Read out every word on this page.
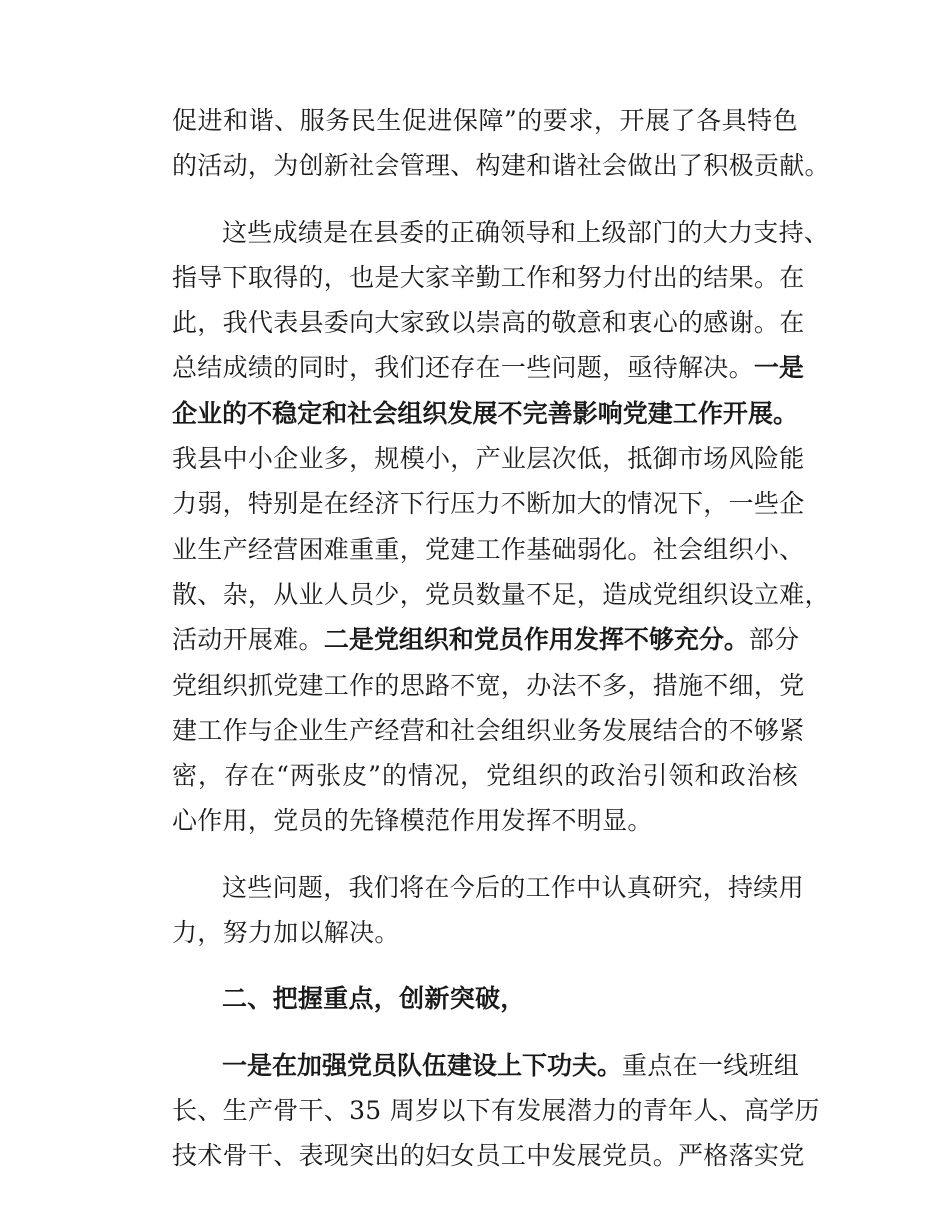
促进和谐、服务民生促进保障”的要求，开展了各具特色
的活动，为创新社会管理、构建和谐社会做出了积极贡献。
这些成绩是在县委的正确领导和上级部门的大力支持、
指导下取得的，也是大家辛勤工作和努力付出的结果。在
此，我代表县委向大家致以崇高的敬意和衷心的感谢。在
总结成绩的同时，我们还存在一些问题，亟待解决。一是
企业的不稳定和社会组织发展不完善影响党建工作开展。
我县中小企业多，规模小，产业层次低，抵御市场风险能
力弱，特别是在经济下行压力不断加大的情况下，一些企
业生产经营困难重重，党建工作基础弱化。社会组织小、
散、杂，从业人员少，党员数量不足，造成党组织设立难，
活动开展难。二是党组织和党员作用发挥不够充分。部分
党组织抓党建工作的思路不宽，办法不多，措施不细，党
建工作与企业生产经营和社会组织业务发展结合的不够紧
密，存在“两张皮”的情况，党组织的政治引领和政治核
心作用，党员的先锋模范作用发挥不明显。
这些问题，我们将在今后的工作中认真研究，持续用
力，努力加以解决。
二、把握重点，创新突破，
一是在加强党员队伍建设上下功夫。重点在一线班组
长、生产骨干、35 周岁以下有发展潜力的青年人、高学历
技术骨干、表现突出的妇女员工中发展党员。严格落实党
